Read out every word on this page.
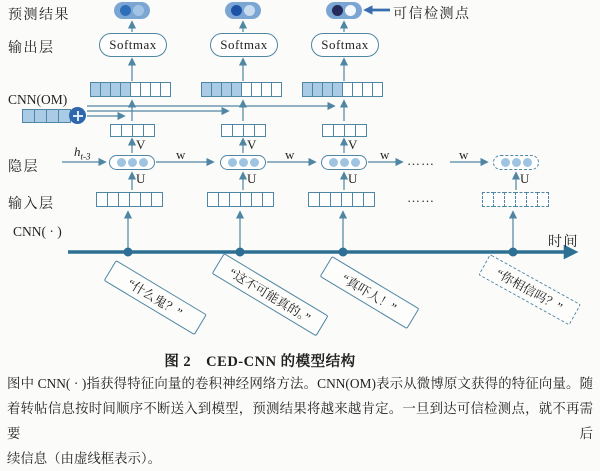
预测结果
输出层
CNN(OM)
隐层
输入层
CNN( · )
可信检测点
Softmax	Softmax	Softmax
$h_{t-3}$
V	V	V
U	U	U	U
w	w	w	w
……
……
时间
“什么鬼？”	“这不可能真的。”	“真吓人！”	“你相信吗？”
图 2　CED-CNN 的模型结构
图中 CNN( · )指获得特征向量的卷积神经网络方法。CNN(OM)表示从微博原文获得的特征向量。随
着转帖信息按时间顺序不断送入到模型，预测结果将越来越肯定。一旦到达可信检测点，就不再需要后
续信息（由虚线框表示）。
